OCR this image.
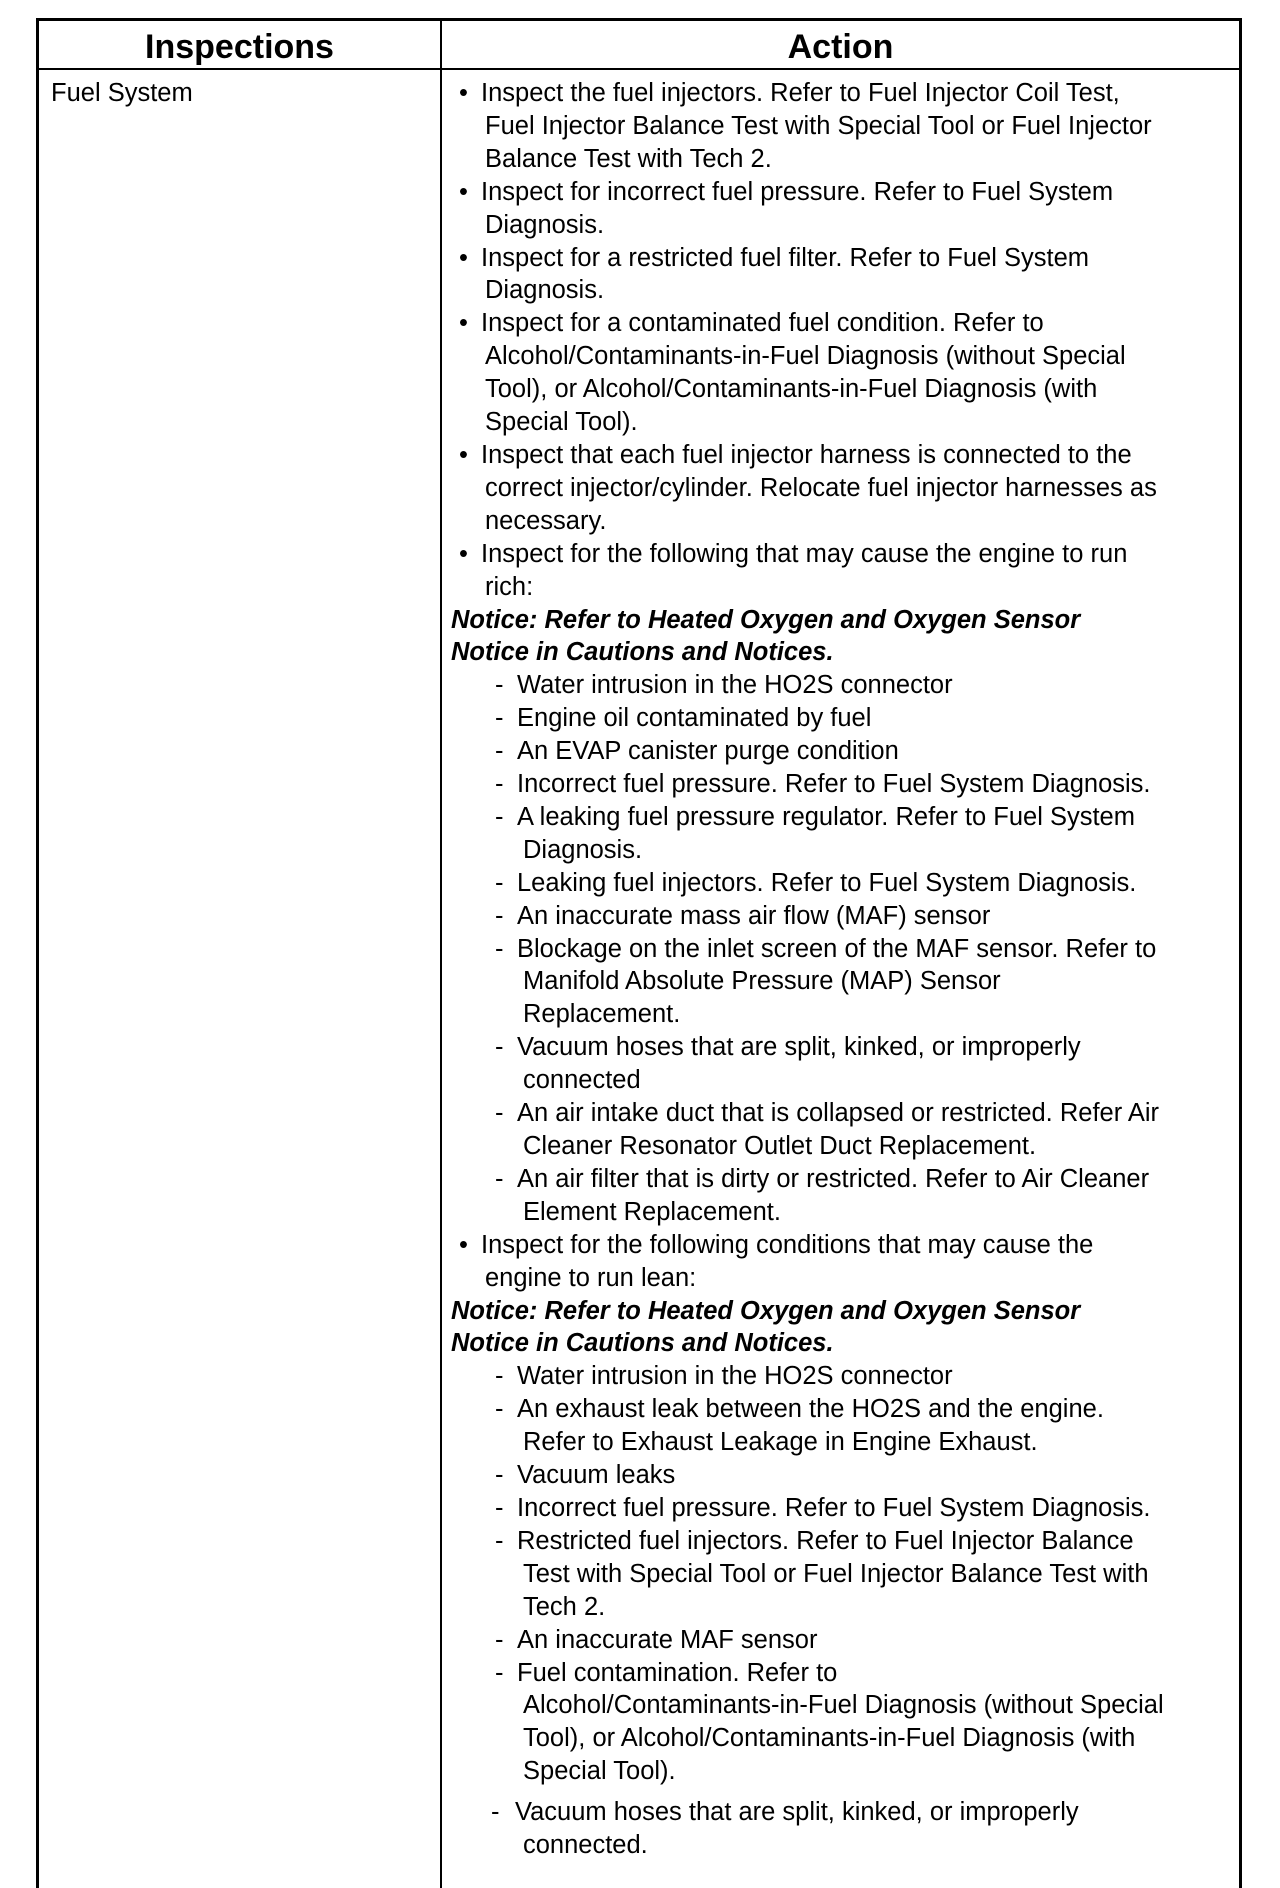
Inspections	Action
Fuel System	• Inspect the fuel injectors. Refer to Fuel Injector Coil Test,
Fuel Injector Balance Test with Special Tool or Fuel Injector
Balance Test with Tech 2.
• Inspect for incorrect fuel pressure. Refer to Fuel System
Diagnosis.
• Inspect for a restricted fuel filter. Refer to Fuel System
Diagnosis.
• Inspect for a contaminated fuel condition. Refer to
Alcohol/Contaminants-in-Fuel Diagnosis (without Special
Tool), or Alcohol/Contaminants-in-Fuel Diagnosis (with
Special Tool).
• Inspect that each fuel injector harness is connected to the
correct injector/cylinder. Relocate fuel injector harnesses as
necessary.
• Inspect for the following that may cause the engine to run
rich:
Notice: Refer to Heated Oxygen and Oxygen Sensor
Notice in Cautions and Notices.
- Water intrusion in the HO2S connector
- Engine oil contaminated by fuel
- An EVAP canister purge condition
- Incorrect fuel pressure. Refer to Fuel System Diagnosis.
- A leaking fuel pressure regulator. Refer to Fuel System
Diagnosis.
- Leaking fuel injectors. Refer to Fuel System Diagnosis.
- An inaccurate mass air flow (MAF) sensor
- Blockage on the inlet screen of the MAF sensor. Refer to
Manifold Absolute Pressure (MAP) Sensor
Replacement.
- Vacuum hoses that are split, kinked, or improperly
connected
- An air intake duct that is collapsed or restricted. Refer Air
Cleaner Resonator Outlet Duct Replacement.
- An air filter that is dirty or restricted. Refer to Air Cleaner
Element Replacement.
• Inspect for the following conditions that may cause the
engine to run lean:
Notice: Refer to Heated Oxygen and Oxygen Sensor
Notice in Cautions and Notices.
- Water intrusion in the HO2S connector
- An exhaust leak between the HO2S and the engine.
Refer to Exhaust Leakage in Engine Exhaust.
- Vacuum leaks
- Incorrect fuel pressure. Refer to Fuel System Diagnosis.
- Restricted fuel injectors. Refer to Fuel Injector Balance
Test with Special Tool or Fuel Injector Balance Test with
Tech 2.
- An inaccurate MAF sensor
- Fuel contamination. Refer to
Alcohol/Contaminants-in-Fuel Diagnosis (without Special
Tool), or Alcohol/Contaminants-in-Fuel Diagnosis (with
Special Tool).
- Vacuum hoses that are split, kinked, or improperly
connected.
